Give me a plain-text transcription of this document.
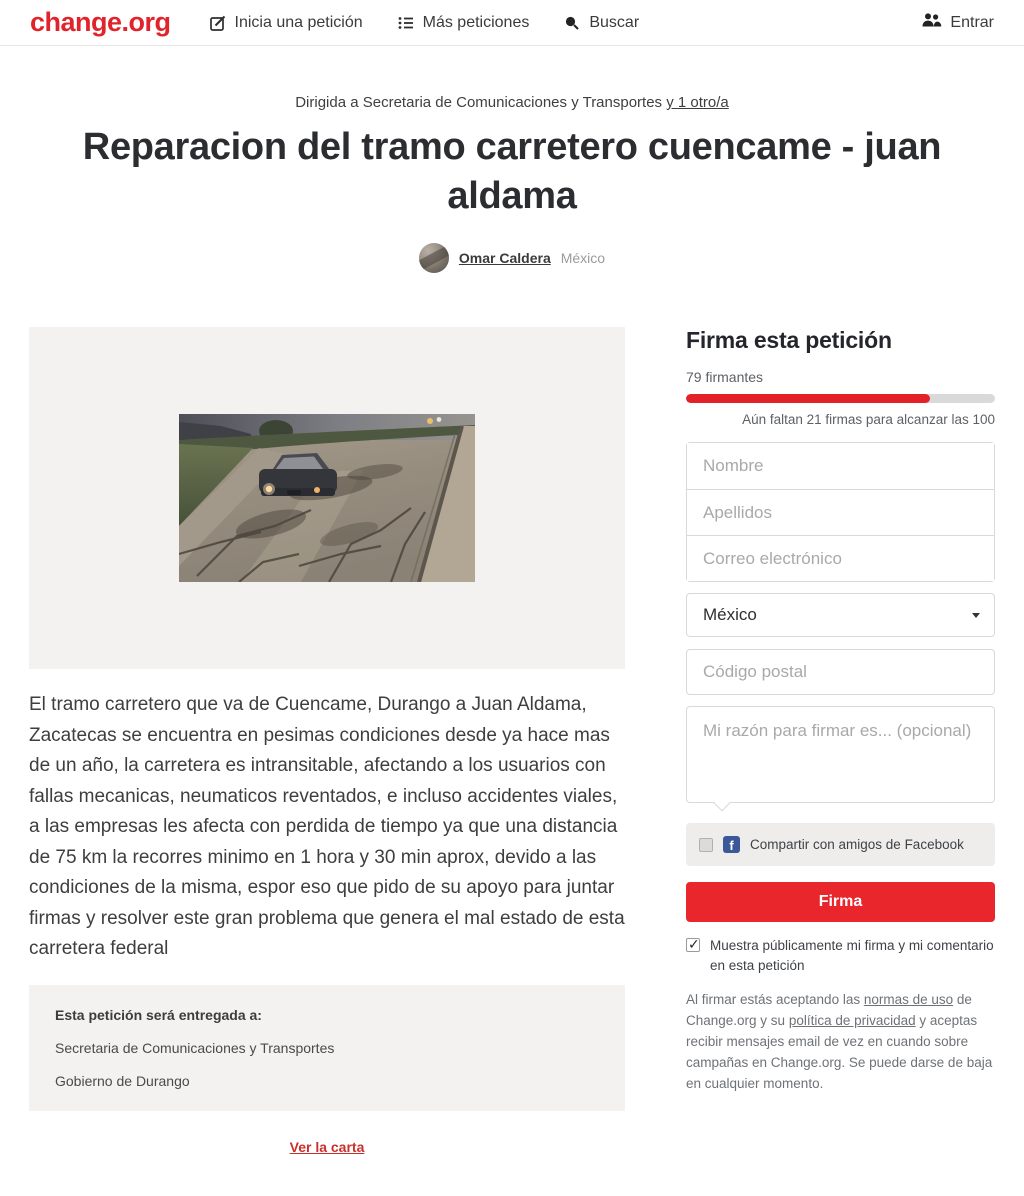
change.org	Inicia una petición	Más peticiones	Buscar	Entrar
Dirigida a Secretaria de Comunicaciones y Transportes y 1 otro/a
Reparacion del tramo carretero cuencame - juan aldama
Omar Caldera México

El tramo carretero que va de Cuencame, Durango a Juan Aldama, Zacatecas se encuentra en pesimas condiciones desde ya hace mas de un año, la carretera es intransitable, afectando a los usuarios con fallas mecanicas, neumaticos reventados, e incluso accidentes viales, a las empresas les afecta con perdida de tiempo ya que una distancia de 75 km la recorres minimo en 1 hora y 30 min aprox, devido a las condiciones de la misma, espor eso que pido de su apoyo para juntar firmas y resolver este gran problema que genera el mal estado de esta carretera federal

Esta petición será entregada a:
Secretaria de Comunicaciones y Transportes
Gobierno de Durango
Ver la carta
Firma esta petición
79 firmantes
Aún faltan 21 firmas para alcanzar las 100
Nombre
Apellidos
Correo electrónico
México
Código postal
Mi razón para firmar es... (opcional)
f	Compartir con amigos de Facebook
Firma
✓
Muestra públicamente mi firma y mi comentario en esta petición

Al firmar estás aceptando las normas de uso de Change.org y su política de privacidad y aceptas recibir mensajes email de vez en cuando sobre campañas en Change.org. Se puede darse de baja en cualquier momento.
